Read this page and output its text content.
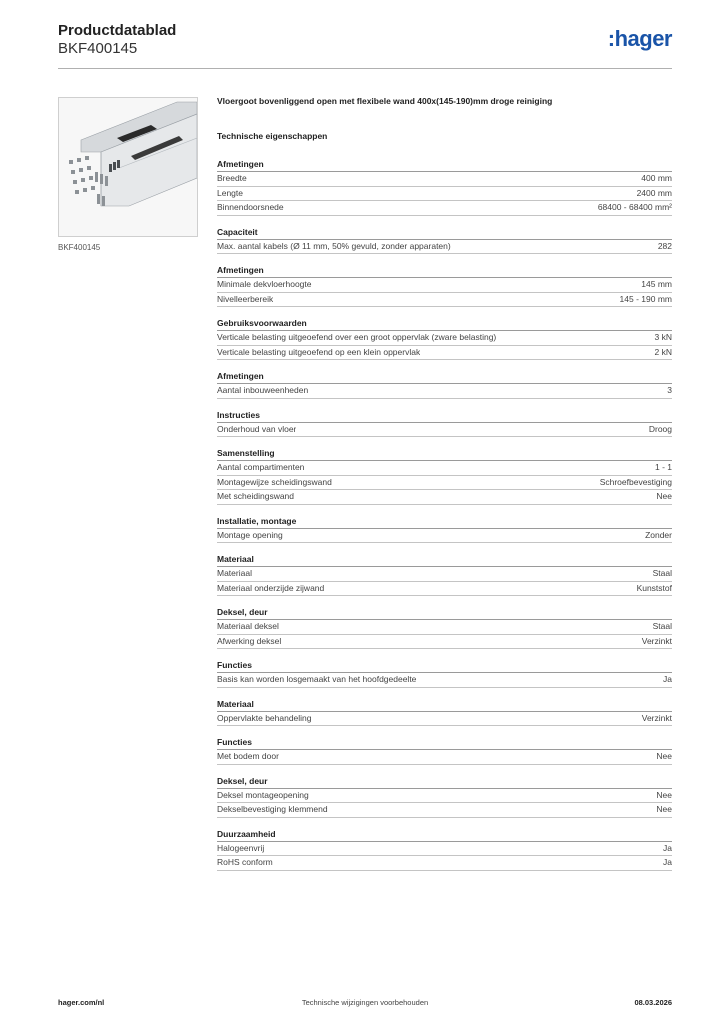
Productdatablad

BKF400145	:hager
BKF400145

Vloergoot bovenliggend open met flexibele wand 400x(145-190)mm droge reiniging

Technische eigenschappen

Afmetingen
Breedte	400 mm
Lengte	2400 mm
Binnendoorsnede	68400 - 68400 mm²
Capaciteit
Max. aantal kabels (Ø 11 mm, 50% gevuld, zonder apparaten)	282
Afmetingen
Minimale dekvloerhoogte	145 mm
Nivelleerbereik	145 - 190 mm
Gebruiksvoorwaarden
Verticale belasting uitgeoefend over een groot oppervlak (zware belasting)	3 kN
Verticale belasting uitgeoefend op een klein oppervlak	2 kN
Afmetingen
Aantal inbouweenheden	3
Instructies
Onderhoud van vloer	Droog
Samenstelling
Aantal compartimenten	1 - 1
Montagewijze scheidingswand	Schroefbevestiging
Met scheidingswand	Nee
Installatie, montage
Montage opening	Zonder
Materiaal
Materiaal	Staal
Materiaal onderzijde zijwand	Kunststof
Deksel, deur
Materiaal deksel	Staal
Afwerking deksel	Verzinkt
Functies
Basis kan worden losgemaakt van het hoofdgedeelte	Ja
Materiaal
Oppervlakte behandeling	Verzinkt
Functies
Met bodem door	Nee
Deksel, deur
Deksel montageopening	Nee
Dekselbevestiging klemmend	Nee
Duurzaamheid
Halogeenvrij	Ja
RoHS conform	Ja
hager.com/nl	Technische wijzigingen voorbehouden	08.03.2026
